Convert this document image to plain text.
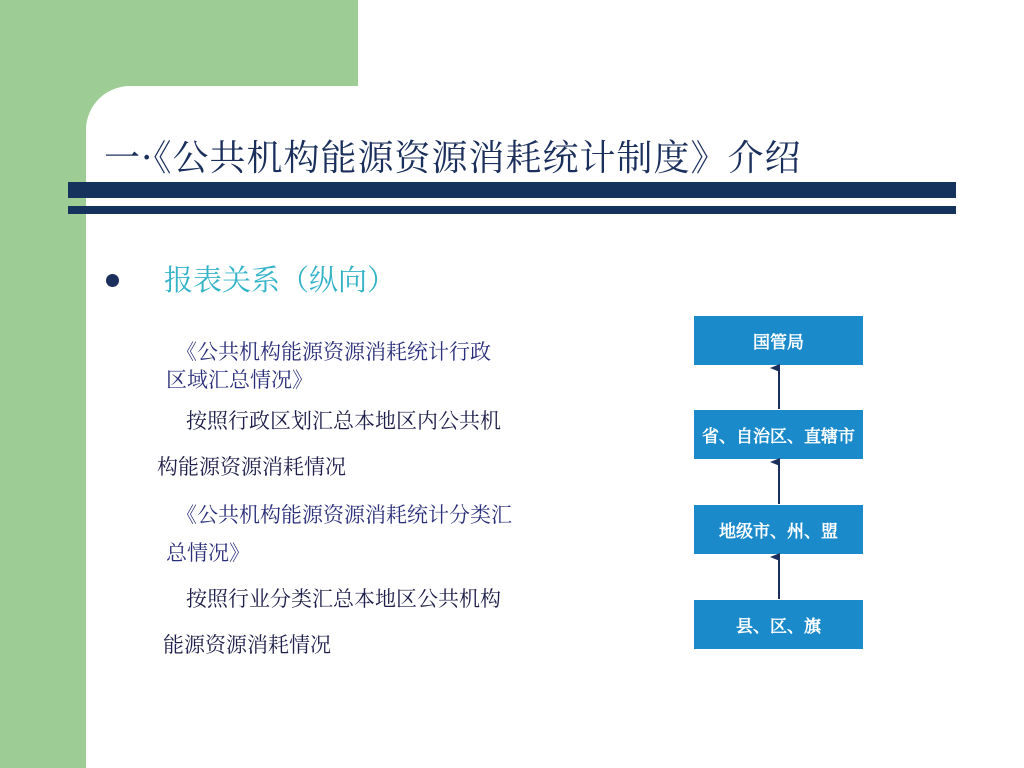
一·《公共机构能源资源消耗统计制度》介绍
报表关系（纵向）
《公共机构能源资源消耗统计行政
区域汇总情况》
按照行政区划汇总本地区内公共机
构能源资源消耗情况
《公共机构能源资源消耗统计分类汇
总情况》
按照行业分类汇总本地区公共机构
能源资源消耗情况
国管局
省、自治区、直辖市
地级市、州、盟
县、区、旗
